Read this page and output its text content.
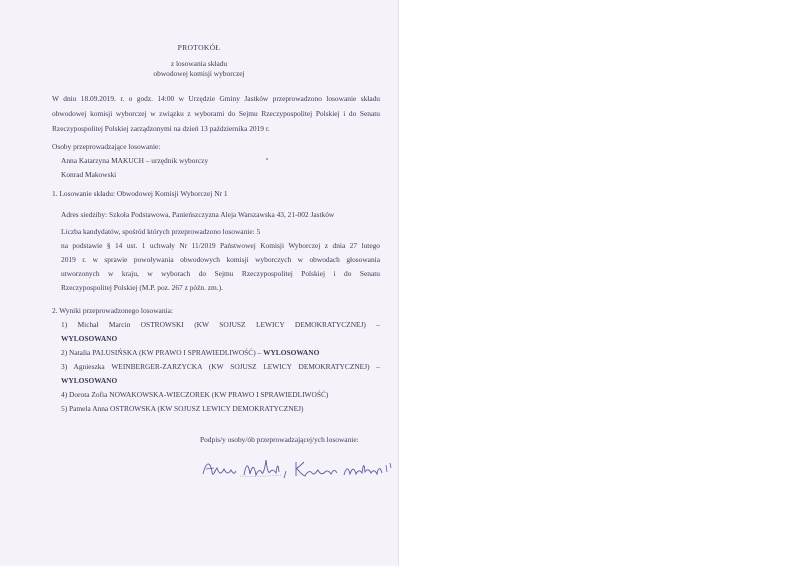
PROTOKÓŁ
z losowania składu
obwodowej komisji wyborczej
W dniu 18.09.2019. r. o godz. 14:00 w Urzędzie Gminy Jastków przeprowadzono losowanie składu
obwodowej komisji wyborczej w związku z wyborami do Sejmu Rzeczypospolitej Polskiej i do Senatu
Rzeczypospolitej Polskiej zarządzonymi na dzień 13 października 2019 r.
Osoby przeprowadzające losowanie:
Anna Katarzyna MAKUCH – urzędnik wyborczy
Konrad Makowski
1. Losowanie składu: Obwodowej Komisji Wyborczej Nr 1
Adres siedziby: Szkoła Podstawowa, Panieńszczyzna Aleja Warszawska 43, 21-002 Jastków
Liczba kandydatów, spośród których przeprowadzono losowanie: 5
na podstawie § 14 ust. 1 uchwały Nr 11/2019 Państwowej Komisji Wyborczej z dnia 27 lutego
2019 r. w sprawie powoływania obwodowych komisji wyborczych w obwodach głosowania
utworzonych w kraju, w wyborach do Sejmu Rzeczypospolitej Polskiej i do Senatu
Rzeczypospolitej Polskiej (M.P. poz. 267 z późn. zm.).
2. Wyniki przeprowadzonego losowania:
1) Michał Marcin OSTROWSKI (KW SOJUSZ LEWICY DEMOKRATYCZNEJ) –
WYLOSOWANO
2) Natalia PALUSIŃSKA (KW PRAWO I SPRAWIEDLIWOŚĆ) – WYLOSOWANO
3) Agnieszka WEINBERGER-ZARZYCKA (KW SOJUSZ LEWICY DEMOKRATYCZNEJ) –
WYLOSOWANO
4) Dorota Zofia NOWAKOWSKA-WIECZOREK (KW PRAWO I SPRAWIEDLIWOŚĆ)
5) Pamela Anna OSTROWSKA (KW SOJUSZ LEWICY DEMOKRATYCZNEJ)
Podpis/y osoby/ób przeprowadzającej/ych losowanie:
